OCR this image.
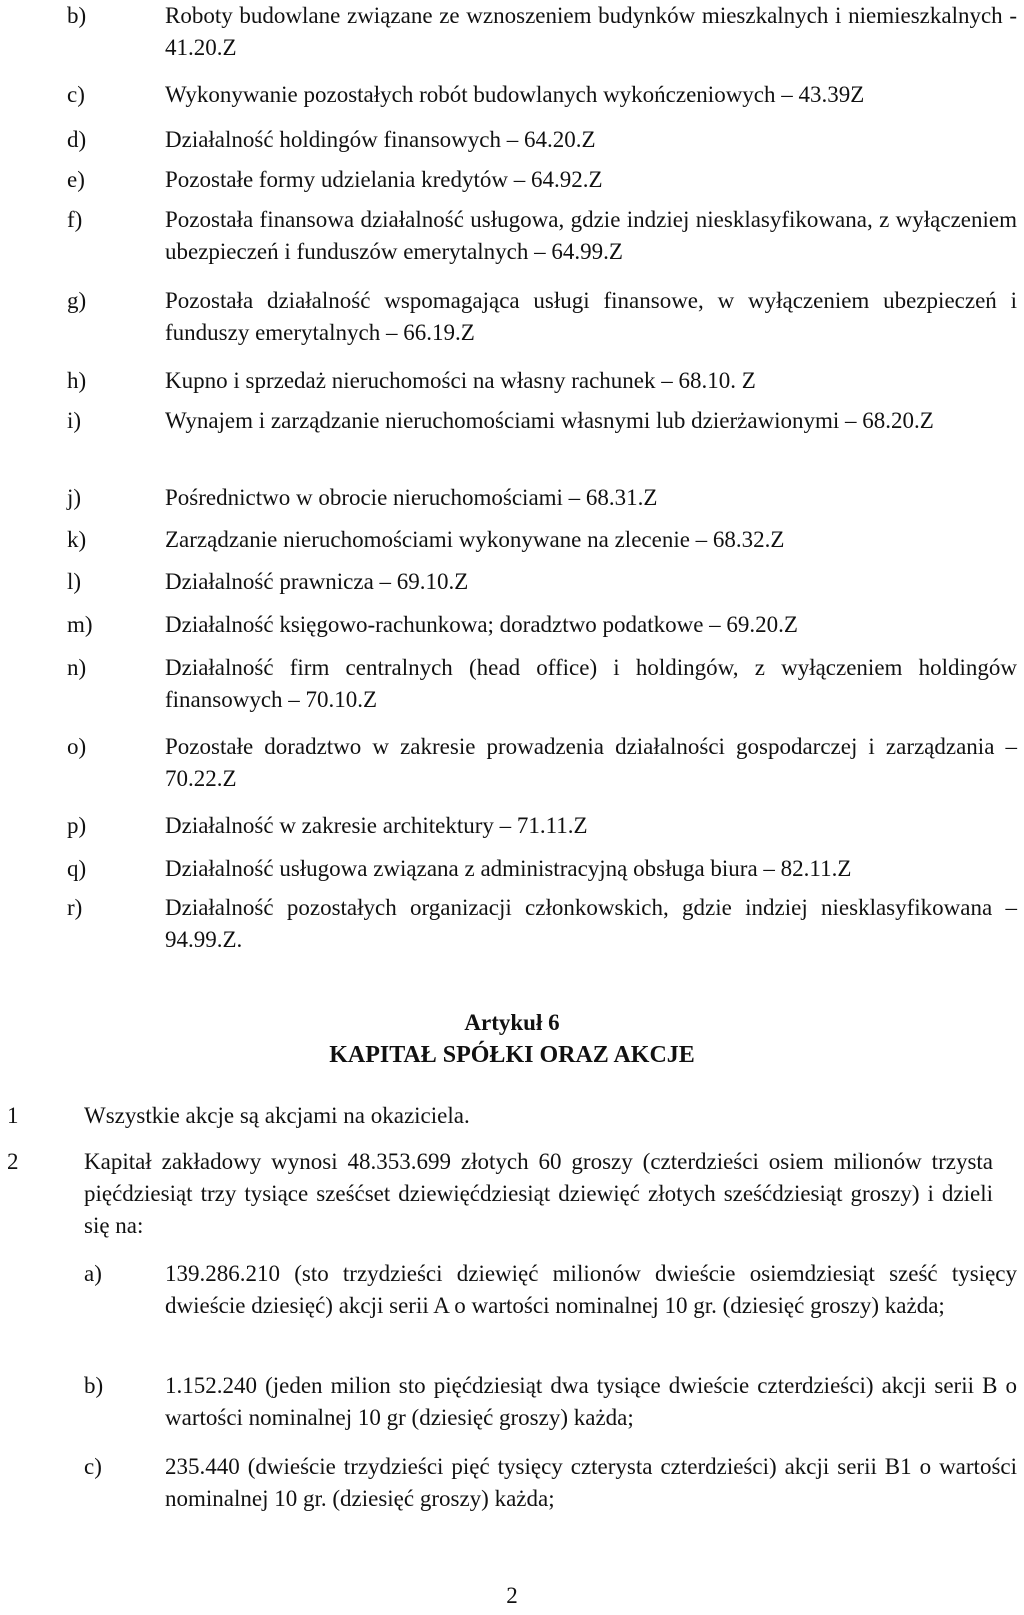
b)	Roboty budowlane związane ze wznoszeniem budynków mieszkalnych i niemieszkalnych - 41.20.Z
c)	Wykonywanie pozostałych robót budowlanych wykończeniowych – 43.39Z
d)	Działalność holdingów finansowych – 64.20.Z
e)	Pozostałe formy udzielania kredytów – 64.92.Z
f)	Pozostała finansowa działalność usługowa, gdzie indziej niesklasyfikowana, z wyłączeniem ubezpieczeń i funduszów emerytalnych – 64.99.Z
g)	Pozostała działalność wspomagająca usługi finansowe, w wyłączeniem ubezpieczeń i funduszy emerytalnych – 66.19.Z
h)	Kupno i sprzedaż nieruchomości na własny rachunek – 68.10. Z
i)	Wynajem i zarządzanie nieruchomościami własnymi lub dzierżawionymi – 68.20.Z
j)	Pośrednictwo w obrocie nieruchomościami – 68.31.Z
k)	Zarządzanie nieruchomościami wykonywane na zlecenie – 68.32.Z
l)	Działalność prawnicza – 69.10.Z
m)	Działalność księgowo-rachunkowa; doradztwo podatkowe – 69.20.Z
n)	Działalność firm centralnych (head office) i holdingów, z wyłączeniem holdingów finansowych – 70.10.Z
o)	Pozostałe doradztwo w zakresie prowadzenia działalności gospodarczej i zarządzania – 70.22.Z
p)	Działalność w zakresie architektury – 71.11.Z
q)	Działalność usługowa związana z administracyjną obsługa biura – 82.11.Z
r)	Działalność pozostałych organizacji członkowskich, gdzie indziej niesklasyfikowana – 94.99.Z.
Artykuł 6
KAPITAŁ SPÓŁKI ORAZ AKCJE
1	Wszystkie akcje są akcjami na okaziciela.
2	Kapitał zakładowy wynosi 48.353.699 złotych 60 groszy (czterdzieści osiem milionów trzysta pięćdziesiąt trzy tysiące sześćset dziewięćdziesiąt dziewięć złotych sześćdziesiąt groszy) i dzieli się na:
a)	139.286.210 (sto trzydzieści dziewięć milionów dwieście osiemdziesiąt sześć tysięcy dwieście dziesięć) akcji serii A o wartości nominalnej 10 gr. (dziesięć groszy) każda;
b)	1.152.240 (jeden milion sto pięćdziesiąt dwa tysiące dwieście czterdzieści) akcji serii B o wartości nominalnej 10 gr (dziesięć groszy) każda;
c)	235.440 (dwieście trzydzieści pięć tysięcy czterysta czterdzieści) akcji serii B1 o wartości nominalnej 10 gr. (dziesięć groszy) każda;
2
